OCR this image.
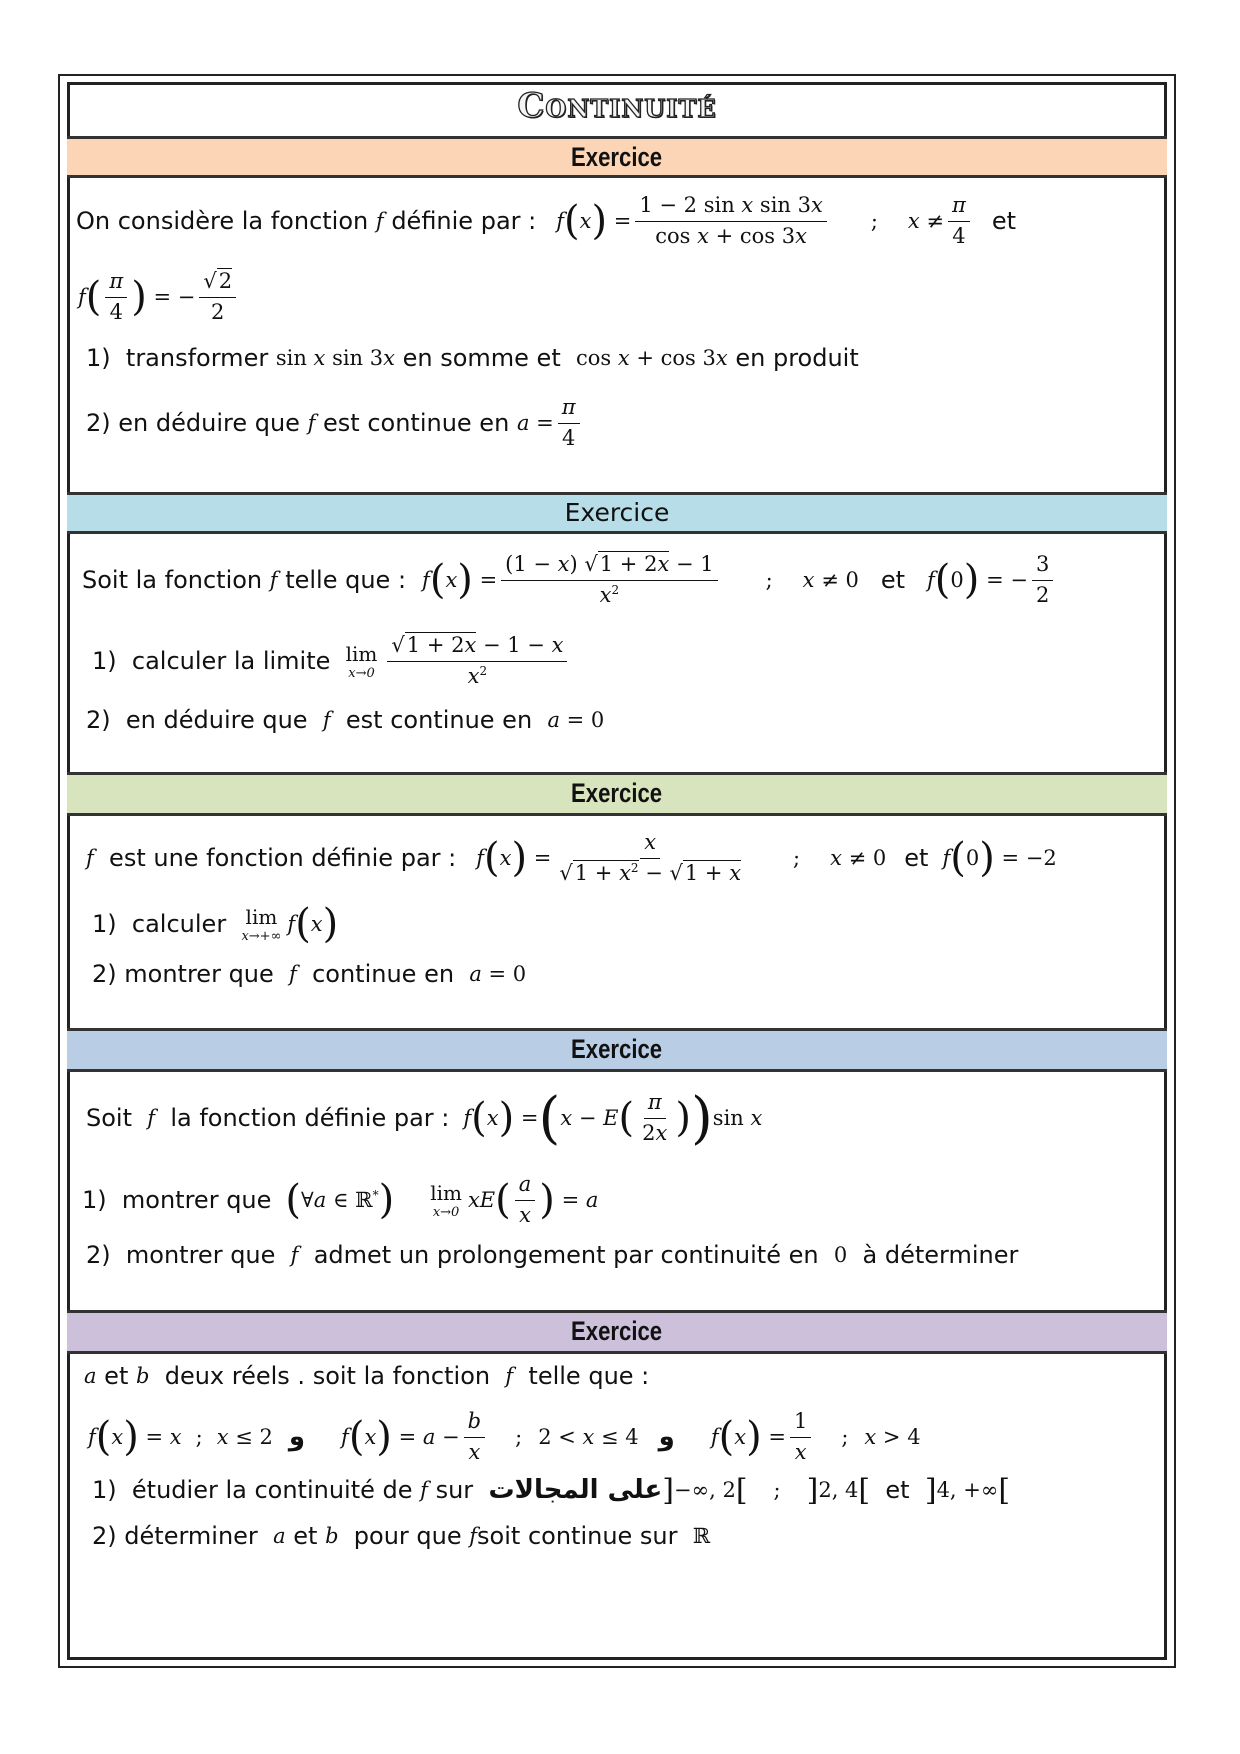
Continuité
Exercice
On considère la fonction
f
définie par : f ( x ) = $\frac{\text{1 − 2 sin x sin 3x}}{\text{cos x + cos 3x}}$ ; $x \ne \frac{\pi}{4}$ et
f ( $\frac{\pi}{4}$ ) = − $\frac{√2}{2}$
1)
transformer
sin x sin 3x
en somme et
cos x + cos 3x
en produit
2)
en déduire que
f
est continue en
$a = \frac{\pi}{4}$
Exercice
Soit la fonction
f
telle que : f ( x ) = $\frac{(1 - x) √1 + 2x - 1}{x^2}$ ; x ≠ 0 et f ( 0 ) = − $\frac{3}{2}$
1)
calculer la limite
lim
$x\to 0 \frac{√1 + 2x - 1 - x}{x^2}$
2)
en déduire que
f
est continue en
a = 0
Exercice
f
est une fonction définie par : f ( x ) = $\frac{x}{√1 + x^2 - √1 + x}$ ; x ≠ 0 et f ( 0 ) = −2
1)
calculer
lim
x→+∞ f ( x )
2)
montrer que
f
continue en
a = 0
Exercice
Soit
f
la fonction définie par : f ( x ) = ( x − E ( $\frac{\pi}{2x}$ ) ) sin x
1)
montrer que ( ∀a ∈ ℝ* ) lim
x→0 xE ( $\frac{a}{x}$ ) = a
2)
montrer que
f
admet un prolongement par continuité en
0
à déterminer
Exercice
a
et
b
deux réels . soit la fonction
f
telle que :
f ( x ) = x ; x ≤ 2 و f ( x ) = $a - \frac{b}{x}$ ; 2 < x ≤ 4 و f ( x ) = $\frac{1}{x}$ ; x > 4
1)
étudier la continuité de
f
sur
على المجالات ] −∞, 2 [ ; ] 2, 4 [
et
] 4, +∞ [
2)
déterminer
a
et
b
pour que
f soit continue sur
ℝ
